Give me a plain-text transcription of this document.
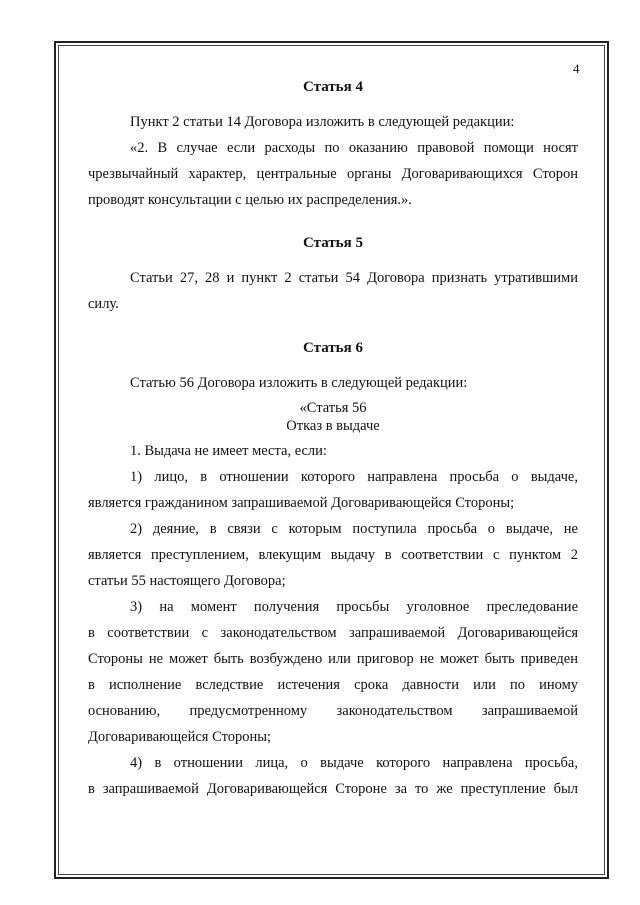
4
Статья 4
Пункт 2 статьи 14 Договора изложить в следующей редакции:
«2. В случае если расходы по оказанию правовой помощи носят
чрезвычайный характер, центральные органы Договаривающихся Сторон
проводят консультации с целью их распределения.».
Статья 5
Статьи 27, 28 и пункт 2 статьи 54 Договора признать утратившими
силу.
Статья 6
Статью 56 Договора изложить в следующей редакции:
«Статья 56
Отказ в выдаче
1. Выдача не имеет места, если:
1) лицо, в отношении которого направлена просьба о выдаче,
является гражданином запрашиваемой Договаривающейся Стороны;
2) деяние, в связи с которым поступила просьба о выдаче, не
является преступлением, влекущим выдачу в соответствии с пунктом 2
статьи 55 настоящего Договора;
3) на момент получения просьбы уголовное преследование
в соответствии с законодательством запрашиваемой Договаривающейся
Стороны не может быть возбуждено или приговор не может быть приведен
в исполнение вследствие истечения срока давности или по иному
основанию, предусмотренному законодательством запрашиваемой
Договаривающейся Стороны;
4) в отношении лица, о выдаче которого направлена просьба,
в запрашиваемой Договаривающейся Стороне за то же преступление был
